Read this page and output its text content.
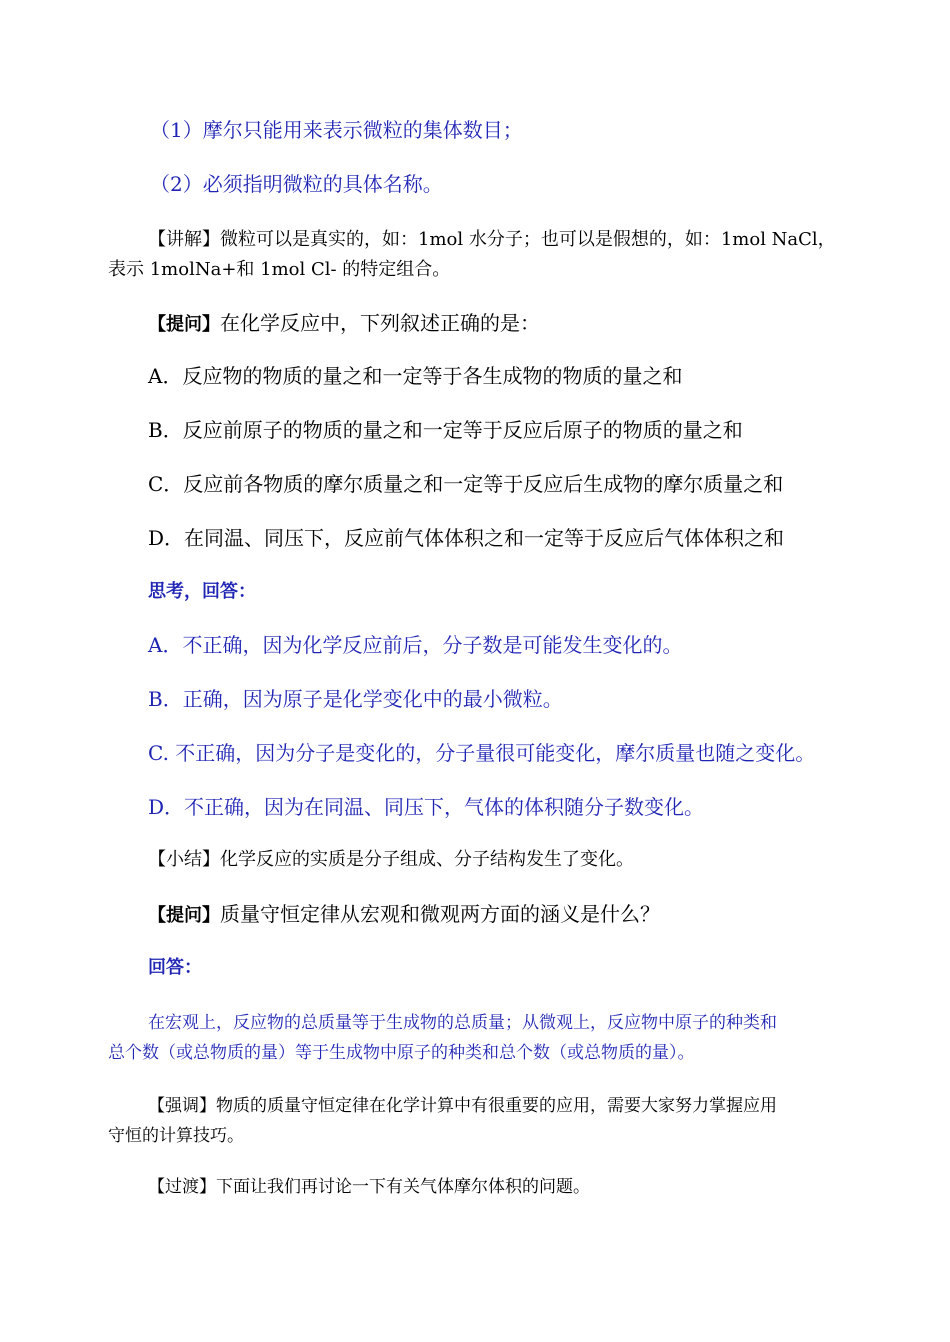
（1）摩尔只能用来表示微粒的集体数目；

（2）必须指明微粒的具体名称。

【讲解】微粒可以是真实的，如：1mol 水分子；也可以是假想的，如：1mol NaCl，
表示 1molNa+和 1mol Cl- 的特定组合。

【提问】在化学反应中，下列叙述正确的是：

A．反应物的物质的量之和一定等于各生成物的物质的量之和

B．反应前原子的物质的量之和一定等于反应后原子的物质的量之和

C．反应前各物质的摩尔质量之和一定等于反应后生成物的摩尔质量之和

D．在同温、同压下，反应前气体体积之和一定等于反应后气体体积之和

思考，回答：

A．不正确，因为化学反应前后，分子数是可能发生变化的。

B．正确，因为原子是化学变化中的最小微粒。

C. 不正确，因为分子是变化的，分子量很可能变化，摩尔质量也随之变化。

D．不正确，因为在同温、同压下，气体的体积随分子数变化。

【小结】化学反应的实质是分子组成、分子结构发生了变化。

【提问】质量守恒定律从宏观和微观两方面的涵义是什么？

回答：

在宏观上，反应物的总质量等于生成物的总质量；从微观上，反应物中原子的种类和
总个数（或总物质的量）等于生成物中原子的种类和总个数（或总物质的量）。
【强调】物质的质量守恒定律在化学计算中有很重要的应用，需要大家努力掌握应用
守恒的计算技巧。

【过渡】下面让我们再讨论一下有关气体摩尔体积的问题。
